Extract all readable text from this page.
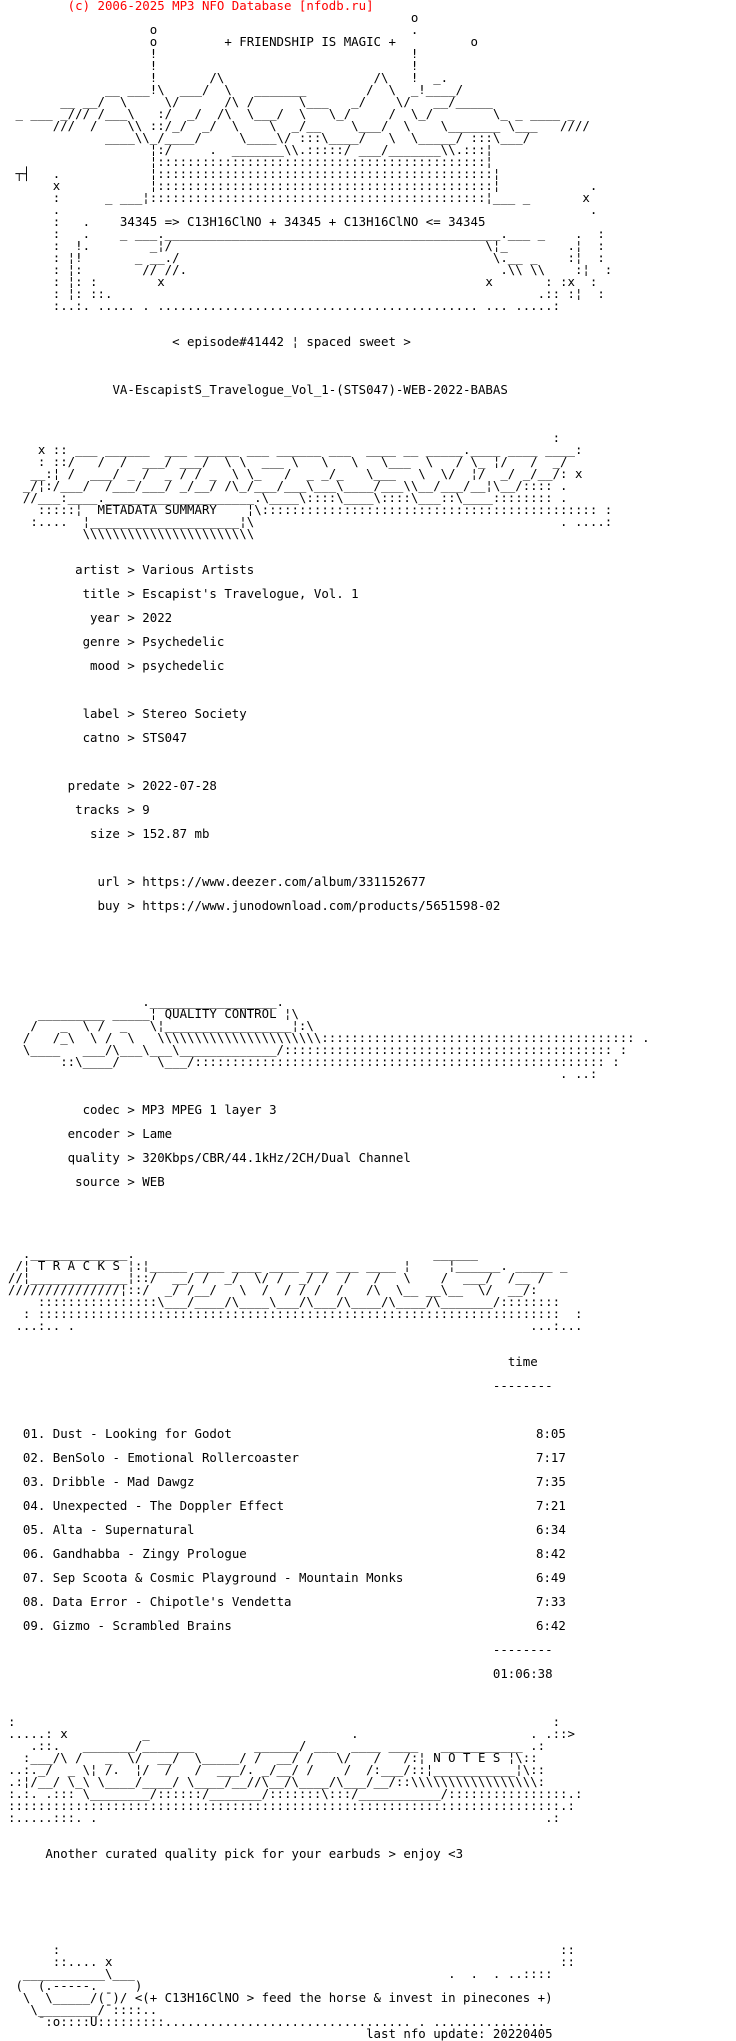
(c) 2006-2025 MP3 NFO Database [nfodb.ru]
o
o                                  .
o	+ FRIENDSHIP IS MAGIC +	o
!                                  !
!                                  !
!       /\                    /\   !  _.
__ ___!\  ___/  \   _______        /  \  _!____/
__ __/  \     \/      /\ /      \___   _/    \/   __/_____
_ ___ _/// /___\   :/  _/  /\  \___/  \   \_/     /  \_/        \_ _ ____ _
///  /    \\ ::/_/  _/  \    \  _/__    \___/  \    \_______ \___   ////
____\\_/____/     \____\/ :::\____/   \  \_____/ :::\___/
¦:/     .  _______\\.:::::/ ___/_______\\.:::¦
¦::::::::::::::::::::::::::::::::::::::::::::¦
┬┤   .            ¦:::::::::::::::::::::::::::::::::::::::::::::¦
x            ¦:::::::::::::::::::::::::::::::::::::::::::::¦            .
:      _ ___¦:::::::::::::::::::::::::::::::::::::::::::::¦___ _       x
.                                                                       .
:   .    34345 => C13H16ClNO + 34345 + C13H16ClNO <= 34345
:   .    _ ___._____________________________________________.___ _    .  :
:  !.        _¦/                                          \¦_        .¦  :
: ¦!       _ __./                                          \.__ _    :¦  :
: ¦:        // //.                                          .\\ \\    :¦  :
: ¦: :        x                                           x       : :x  :
: ¦: ::.                                                         .:: :¦  :
:..:. ..... . ........................................... ... .....:

< episode#41442 ¦ spaced sweet >

VA-EscapistS_Travelogue_Vol_1-(STS047)-WEB-2022-BABAS

:
x :: ___ ______  ___ ______ ___ ______ ___  ____ __ _____.____ ____ ____:
: ::/   /  /  ___/ ___/  \ \  ___ \   \   \   \___  \   / \_ ¦/   /  _/
__:¦ /  ___/ _ /  _ / / _  \ \_   /  _ _/_   \___   \  \/  ¦/  _/ _/__/: x
_/¦:/___/  /___/___/ _/__/ /\_/___/___\___\____/___\\__/___/__¦\__/:::: .
//___:____.____________________.\____\::::\____\::::\___::\____:::::::: .
:::::¦  METADATA SUMMARY    ¦\::::::::::::::::::::::::::::::::::::::::::::: :
:....  ¦____________________¦\                                         . ....:
\\\\\\\\\\\\\\\\\\\\\\\

artist > Various Artists

title > Escapist's Travelogue, Vol. 1

year > 2022

genre > Psychedelic

mood > psychedelic

label > Stereo Society

catno > STS047

predate > 2022-07-28

tracks > 9

size > 152.87 mb

url > https://www.deezer.com/album/331152677

buy > https://www.junodownload.com/products/5651598-02

._________________.
_________ _____¦ QUALITY CONTROL ¦\
/   _  \ /  _   \¦_________________¦:\
/   /_\  \ /  \   \\\\\\\\\\\\\\\\\\\\\\:::::::::::::::::::::::::::::::::::::::::: .
\____   ___/\___\___\_____________/:::::::::::::::::::::::::::::::::::::::::::: :
::\____/     \___/::::::::::::::::::::::::::::::::::::::::::::::::::::::: :
. ..:

codec > MP3 MPEG 1 layer 3

encoder > Lame

quality > 320Kbps/CBR/44.1kHz/2CH/Dual Channel

source > WEB

._____________.                                        ______
/¦ T R A C K S ¦:¦_____ ____ ____ ____ ___ ___ ____ ¦     ¦______. _____ _
//¦_____________¦::/  __/ /  _/  \/ /  _/ /  /   /   \    /  ___/  /__ /
///////////////¦::/  _/ /__/   \  /  / / /  /   /\  \__ __\__  \/  __/:
::::::::::::::::\___/____/\____\___/\___/\____/\____/\_______/::::::::
: ::::::::::::::::::::::::::::::::::::::::::::::::::::::::::::::::::::::  :
...:.. .                                                             ...:...

time

--------

01. Dust - Looking for Godot	8:05

02. BenSolo - Emotional Rollercoaster	7:17

03. Dribble - Mad Dawgz	7:35

04. Unexpected - The Doppler Effect	7:21

05. Alta - Supernatural	6:34

06. Gandhabba - Zingy Prologue	8:42

07. Sep Scoota & Cosmic Playground - Mountain Monks	6:49

08. Data Error - Chipotle's Vendetta	7:33

09. Gizmo - Scrambled Brains	6:42

--------

01:06:38

:                                                                        :
.....: x          _                           .                       . .::>
.::.   _______/_______        ______/ ___  ____ ____   ___________ .:
:___/\ /   _  \/  __/  \_____/ /  __/ /   \/   /   /:¦ N O T E S ¦\::
..:._/  _ \¦ /.  ¦/  /   /  ___/. _/__/ /    /  /:___/::¦___________¦\::
.:¦/__/ \_\ \____/____/ \____/__//\__/\____/\___/__/::\\\\\\\\\\\\\\\\\:
:.:. .::: \________/::::::/_______/:::::::\:::/___________/::::::::::::::::.:
::::::::::::::::::::::::::::::::::::::::::::::::::::::::::::::::::::::::::.:
:.....:::. .                                                            .:

Another curated quality pick for your earbuds > enjoy <3

:                                                                   ::
::.... x                                                            ::
___________\___                                          .  .  . ..::::
(  (.-----.     )
\  \_____/(¯)/ <(+ C13H16ClNO > feed the horse & invest in pinecones +)
\________/¯::::..
¯:o::::U:::::::::................................. . ...............

last nfo update: 20220405
